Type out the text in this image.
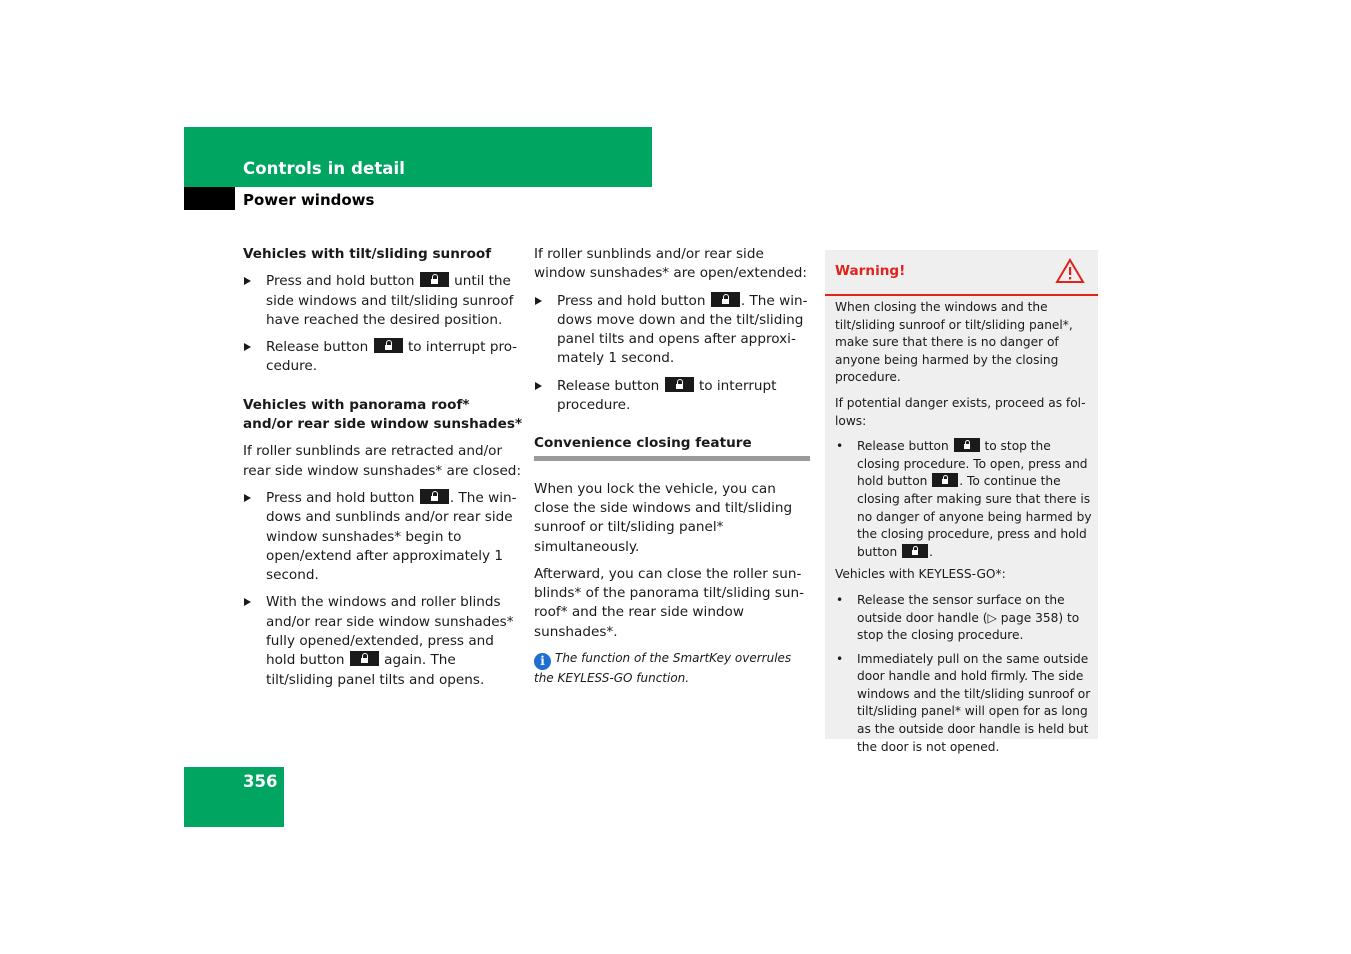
Controls in detail
Power windows

Vehicles with tilt/sliding sunroof

Press and hold button	until the side windows and tilt/sliding sunroof have reached the desired position.

Release button	to interrupt procedure.

Vehicles with panorama roof* and/or rear side window sunshades*

If roller sunblinds are retracted and/or rear side window sunshades* are closed:

Press and hold button	. The windows and sunblinds and/or rear side window sunshades* begin to open/extend after approximately 1 second.

With the windows and roller blinds and/or rear side window sunshades* fully opened/extended, press and hold button	again. The tilt/sliding panel tilts and opens.

If roller sunblinds and/or rear side window sunshades* are open/extended:

Press and hold button	. The windows move down and the tilt/sliding panel tilts and opens after approximately 1 second.

Release button	to interrupt procedure.

Convenience closing feature

When you lock the vehicle, you can close the side windows and tilt/sliding sunroof or tilt/sliding panel* simultaneously.

Afterward, you can close the roller sunblinds* of the panorama tilt/sliding sunroof* and the rear side window sunshades*.

i The function of the SmartKey overrules the KEYLESS-GO function.

Warning!

When closing the windows and the tilt/sliding sunroof or tilt/sliding panel*, make sure that there is no danger of anyone being harmed by the closing procedure.

If potential danger exists, proceed as follows:

• Release button	to stop the closing procedure. To open, press and hold button	. To continue the closing after making sure that there is no danger of anyone being harmed by the closing procedure, press and hold button	.

Vehicles with KEYLESS-GO*:

• Release the sensor surface on the outside door handle (▷ page 358) to stop the closing procedure.

• Immediately pull on the same outside door handle and hold firmly. The side windows and the tilt/sliding sunroof or tilt/sliding panel* will open for as long as the outside door handle is held but the door is not opened.

356
